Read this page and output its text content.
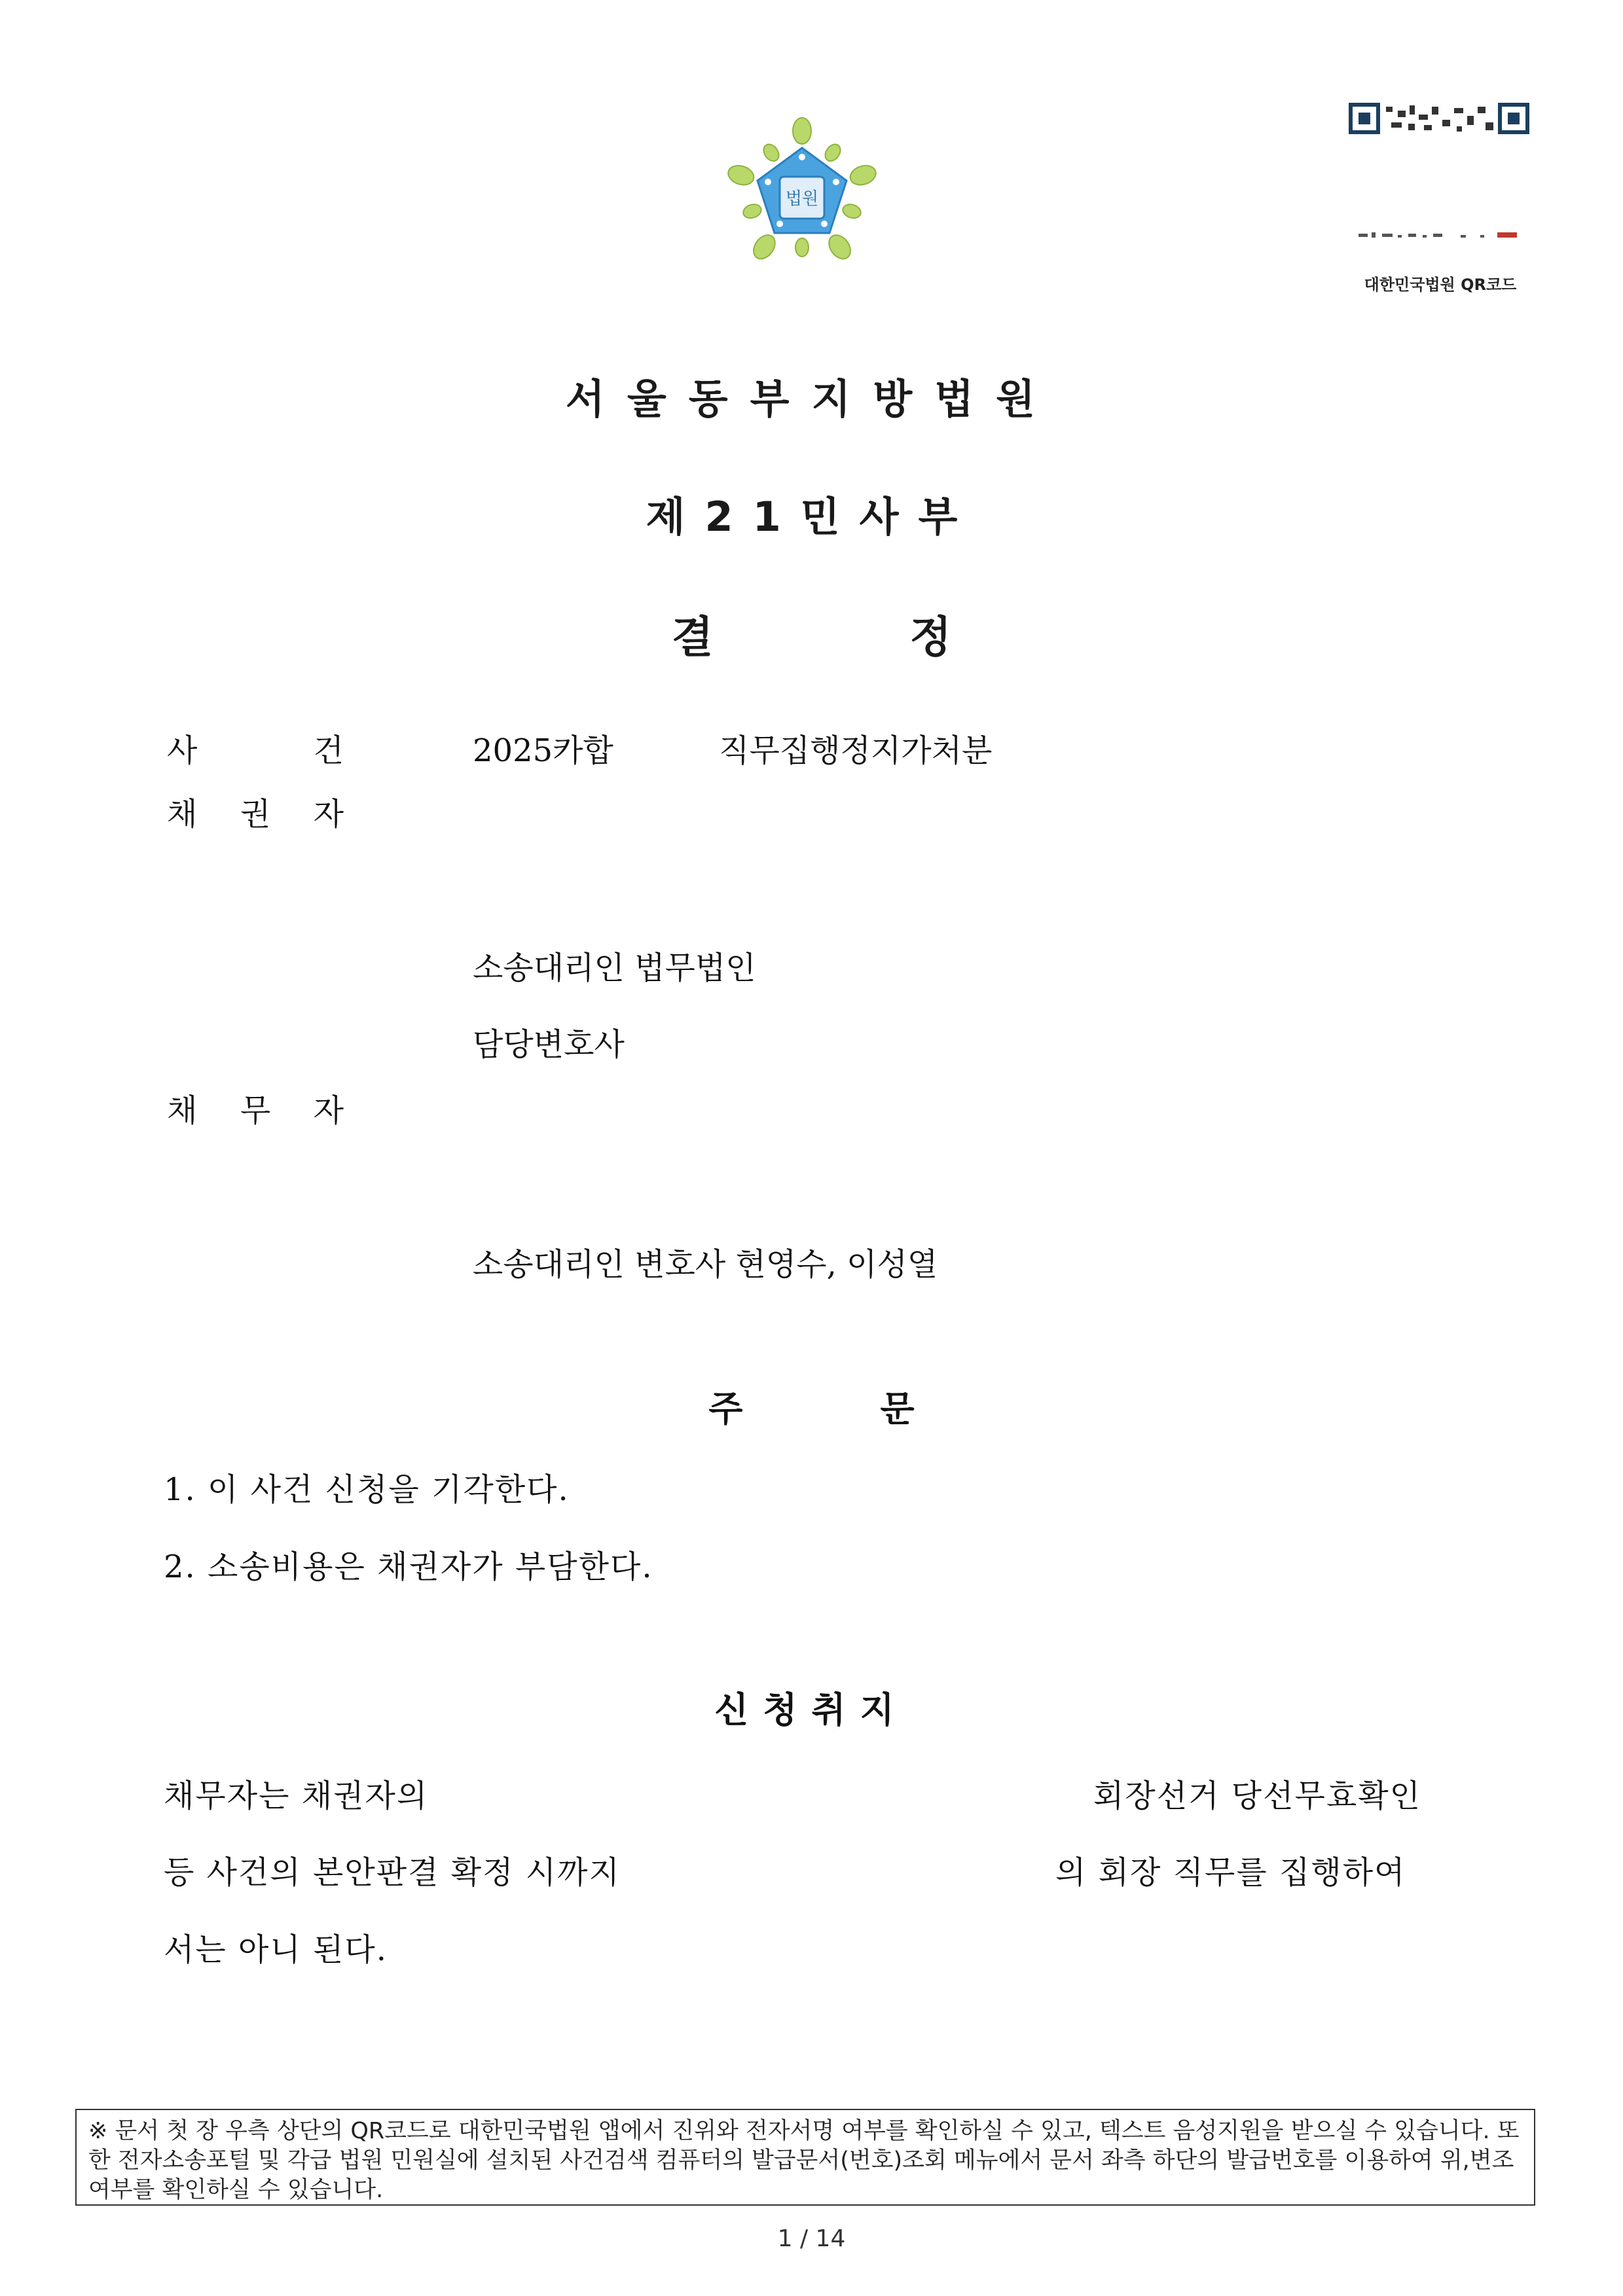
법원
대한민국법원 QR코드
서울동부지방법원
제21민사부
결	정
사	건	2025카합	직무집행정지가처분
채 권 자
소송대리인 법무법인
담당변호사
채 무 자
소송대리인 변호사 현영수, 이성열
주	문
1. 이 사건 신청을 기각한다.
2. 소송비용은 채권자가 부담한다.
신청취지
채무자는 채권자의	회장선거 당선무효확인
등 사건의 본안판결 확정 시까지	의 회장 직무를 집행하여
서는 아니 된다.
※ 문서 첫 장 우측 상단의 QR코드로 대한민국법원 앱에서 진위와 전자서명 여부를 확인하실 수 있고, 텍스트 음성지원을 받으실 수 있습니다. 또한 전자소송포털 및 각급 법원 민원실에 설치된 사건검색 컴퓨터의 발급문서(번호)조회 메뉴에서 문서 좌측 하단의 발급번호를 이용하여 위,변조 여부를 확인하실 수 있습니다.
1 / 14
